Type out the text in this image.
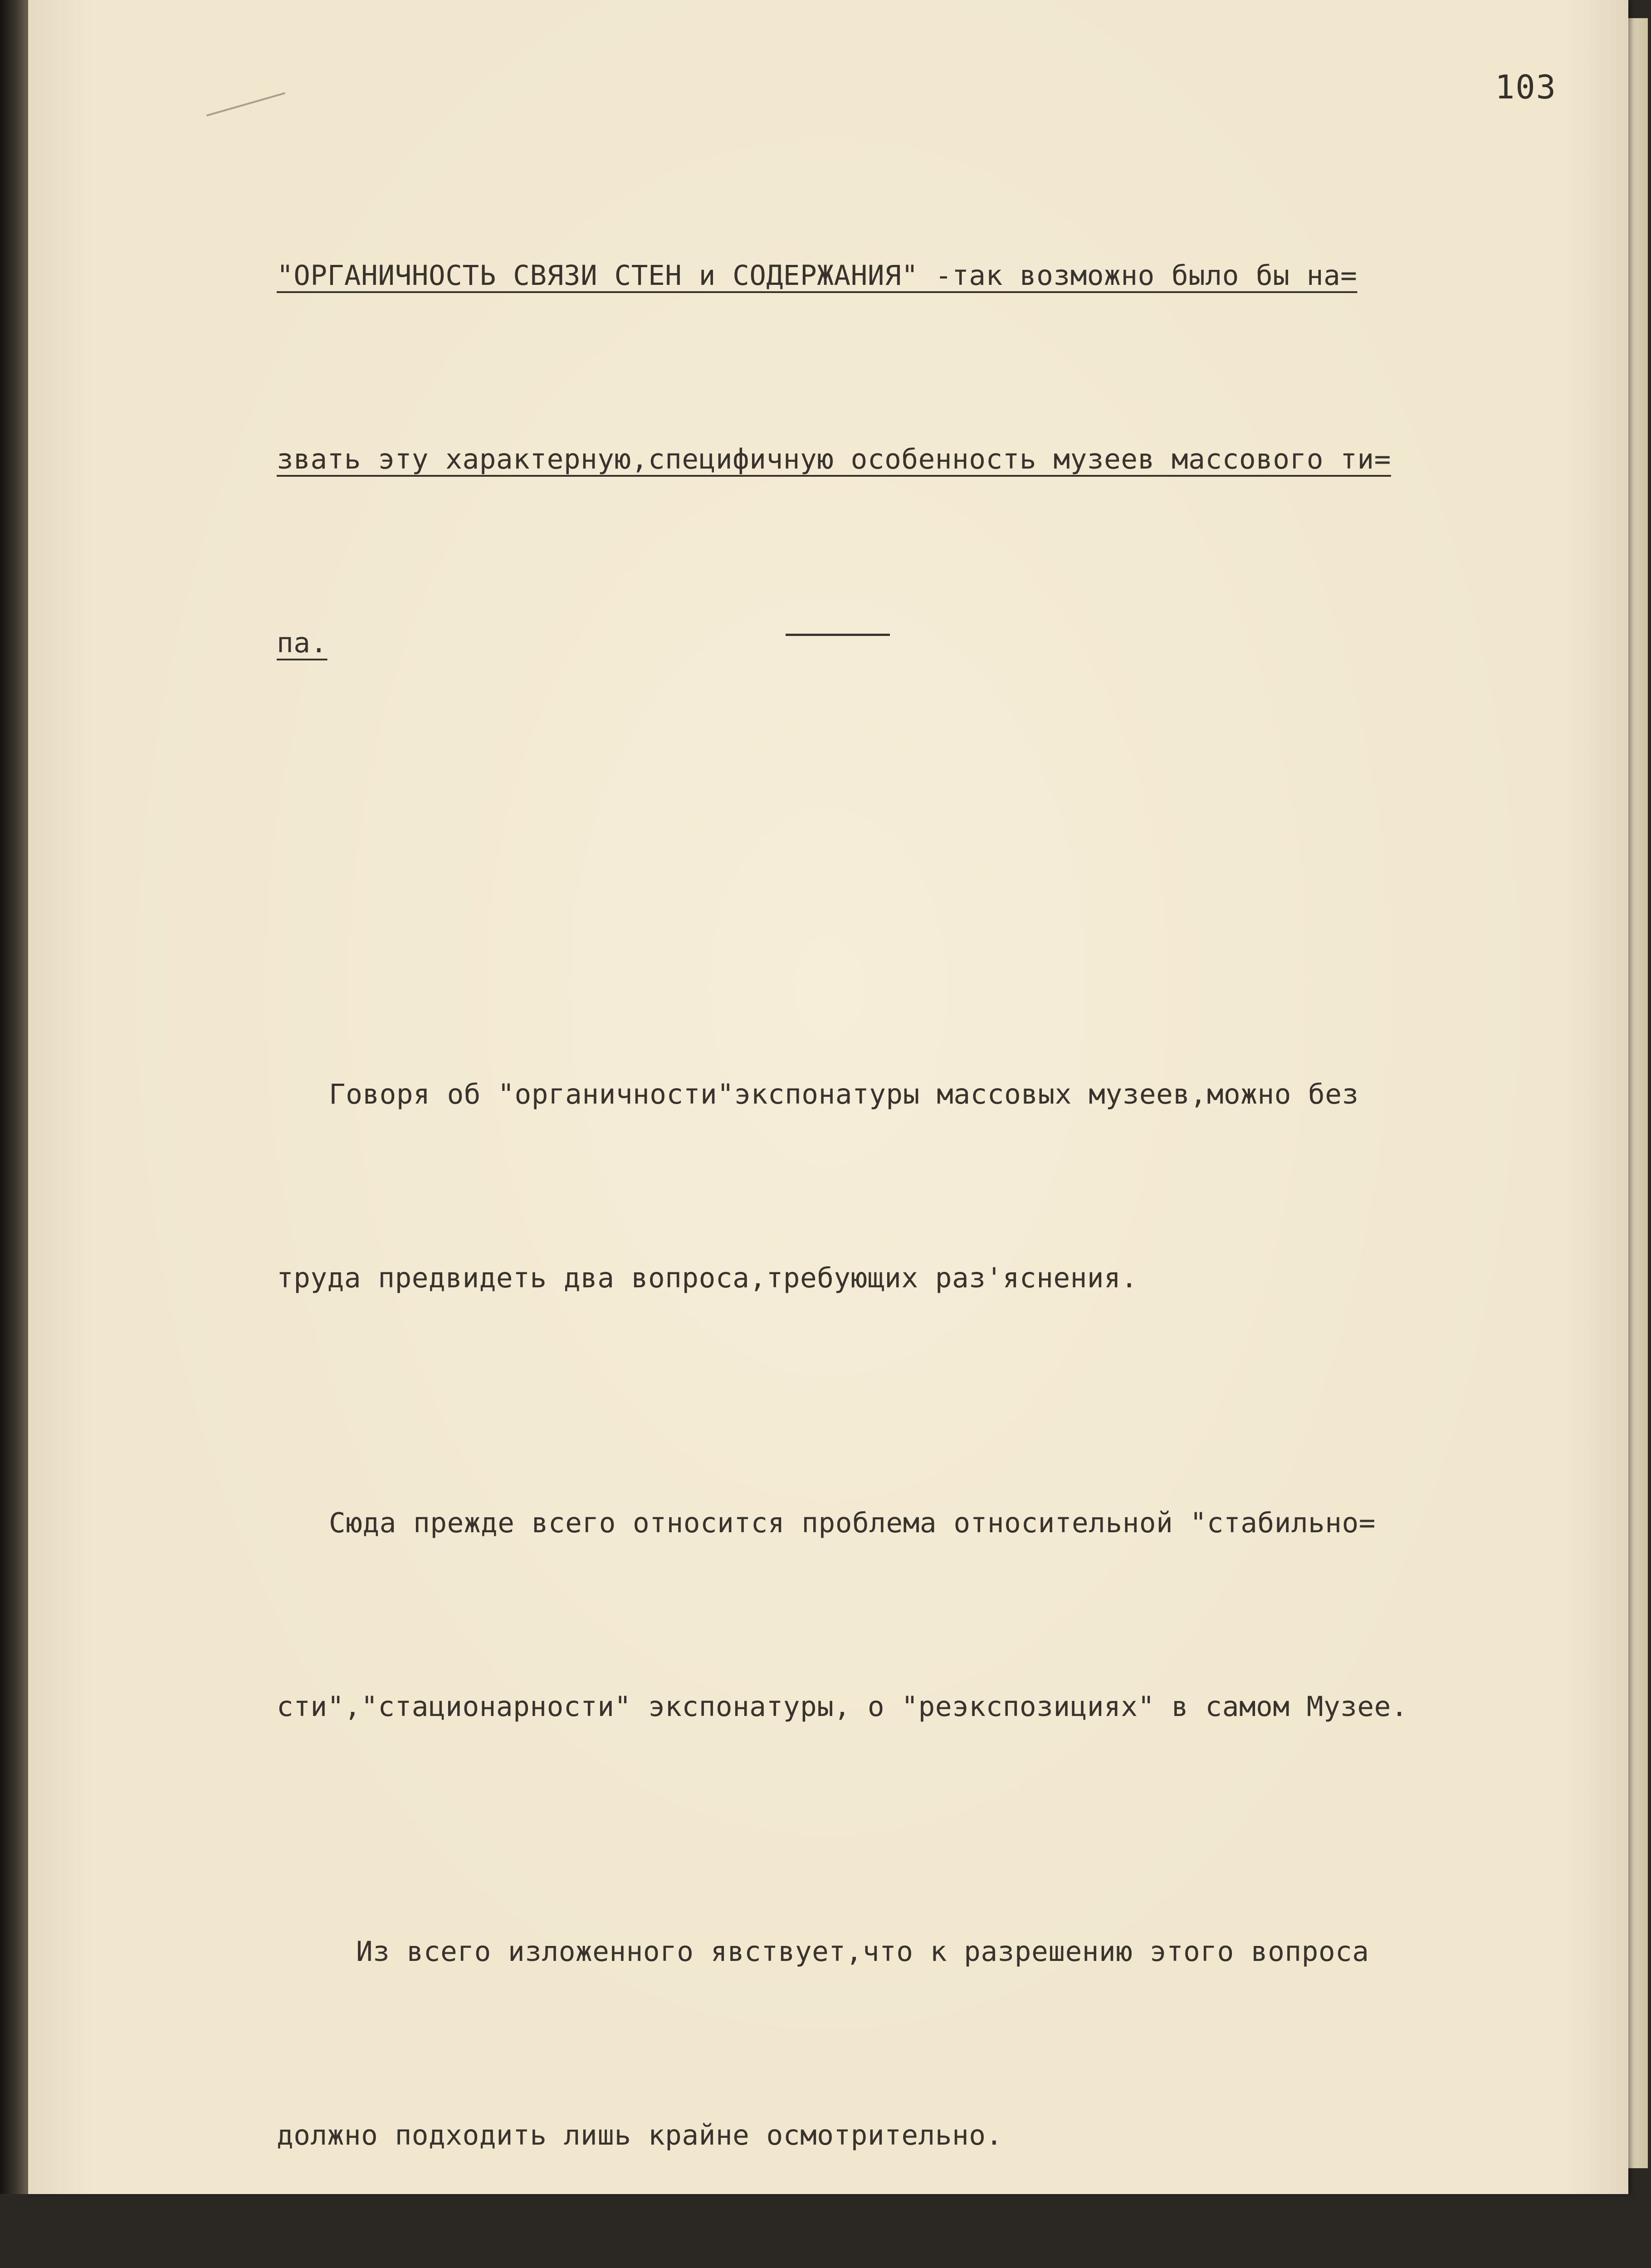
103

"ОРГАНИЧНОСТЬ СВЯЗИ СТЕН и СОДЕРЖАНИЯ" -так возможно было бы на=

звать эту характерную,специфичную особенность музеев массового ти=

па.

Говоря об "органичности"экспонатуры массовых музеев,можно без

труда предвидеть два вопроса,требующих раз'яснения.

Сюда прежде всего относится проблема относительной "стабильно=

сти","стационарности" экспонатуры, о "реэкспозициях" в самом Музее.

Из всего изложенного явствует,что к разрешению этого вопроса

должно подходить лишь крайне осмотрительно.
